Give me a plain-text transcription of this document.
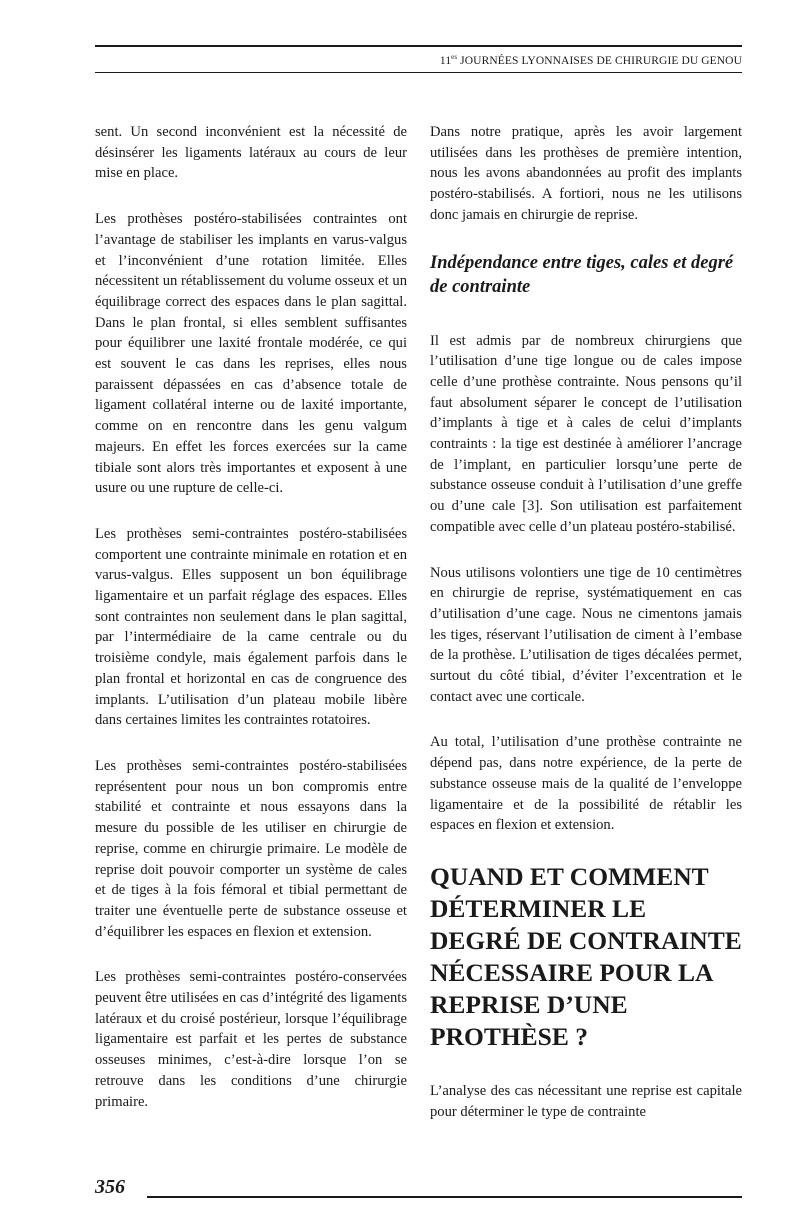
$11^{es}$ JOURNÉES LYONNAISES DE CHIRURGIE DU GENOU

sent. Un second inconvénient est la nécessité de désinsérer les ligaments latéraux au cours de leur mise en place.

Les prothèses postéro-stabilisées contraintes ont l’avantage de stabiliser les implants en varus-valgus et l’inconvénient d’une rotation limitée. Elles nécessitent un rétablissement du volume osseux et un équilibrage correct des espaces dans le plan sagittal. Dans le plan frontal, si elles semblent suffisantes pour équilibrer une laxité frontale modérée, ce qui est souvent le cas dans les reprises, elles nous paraissent dépassées en cas d’absence totale de ligament collatéral interne ou de laxité importante, comme on en rencontre dans les genu valgum majeurs. En effet les forces exercées sur la came tibiale sont alors très importantes et exposent à une usure ou une rupture de celle-ci.

Les prothèses semi-contraintes postéro-stabilisées comportent une contrainte minimale en rotation et en varus-valgus. Elles supposent un bon équilibrage ligamentaire et un parfait réglage des espaces. Elles sont contraintes non seulement dans le plan sagittal, par l’intermédiaire de la came centrale ou du troisième condyle, mais également parfois dans le plan frontal et horizontal en cas de congruence des implants. L’utilisation d’un plateau mobile libère dans certaines limites les contraintes rotatoires.

Les prothèses semi-contraintes postéro-stabilisées représentent pour nous un bon compromis entre stabilité et contrainte et nous essayons dans la mesure du possible de les utiliser en chirurgie de reprise, comme en chirurgie primaire. Le modèle de reprise doit pouvoir comporter un système de cales et de tiges à la fois fémoral et tibial permettant de traiter une éventuelle perte de substance osseuse et d’équilibrer les espaces en flexion et extension.

Les prothèses semi-contraintes postéro-conservées peuvent être utilisées en cas d’intégrité des ligaments latéraux et du croisé postérieur, lorsque l’équilibrage ligamentaire est parfait et les pertes de substance osseuses minimes, c’est-à-dire lorsque l’on se retrouve dans les conditions d’une chirurgie primaire.

Dans notre pratique, après les avoir largement utilisées dans les prothèses de première intention, nous les avons abandonnées au profit des implants postéro-stabilisés. A fortiori, nous ne les utilisons donc jamais en chirurgie de reprise.

Indépendance entre tiges, cales et degré de contrainte

Il est admis par de nombreux chirurgiens que l’utilisation d’une tige longue ou de cales impose celle d’une prothèse contrainte. Nous pensons qu’il faut absolument séparer le concept de l’utilisation d’implants à tige et à cales de celui d’implants contraints : la tige est destinée à améliorer l’ancrage de l’implant, en particulier lorsqu’une perte de substance osseuse conduit à l’utilisation d’une greffe ou d’une cale [3]. Son utilisation est parfaitement compatible avec celle d’un plateau postéro-stabilisé.

Nous utilisons volontiers une tige de 10 centimètres en chirurgie de reprise, systématiquement en cas d’utilisation d’une cage. Nous ne cimentons jamais les tiges, réservant l’utilisation de ciment à l’embase de la prothèse. L’utilisation de tiges décalées permet, surtout du côté tibial, d’éviter l’excentration et le contact avec une corticale.

Au total, l’utilisation d’une prothèse contrainte ne dépend pas, dans notre expérience, de la perte de substance osseuse mais de la qualité de l’enveloppe ligamentaire et de la possibilité de rétablir les espaces en flexion et extension.

QUAND ET COMMENT DÉTERMINER LE DEGRÉ DE CONTRAINTE NÉCESSAIRE POUR LA REPRISE D’UNE PROTHÈSE ?

L’analyse des cas nécessitant une reprise est capitale pour déterminer le type de contrainte

356
